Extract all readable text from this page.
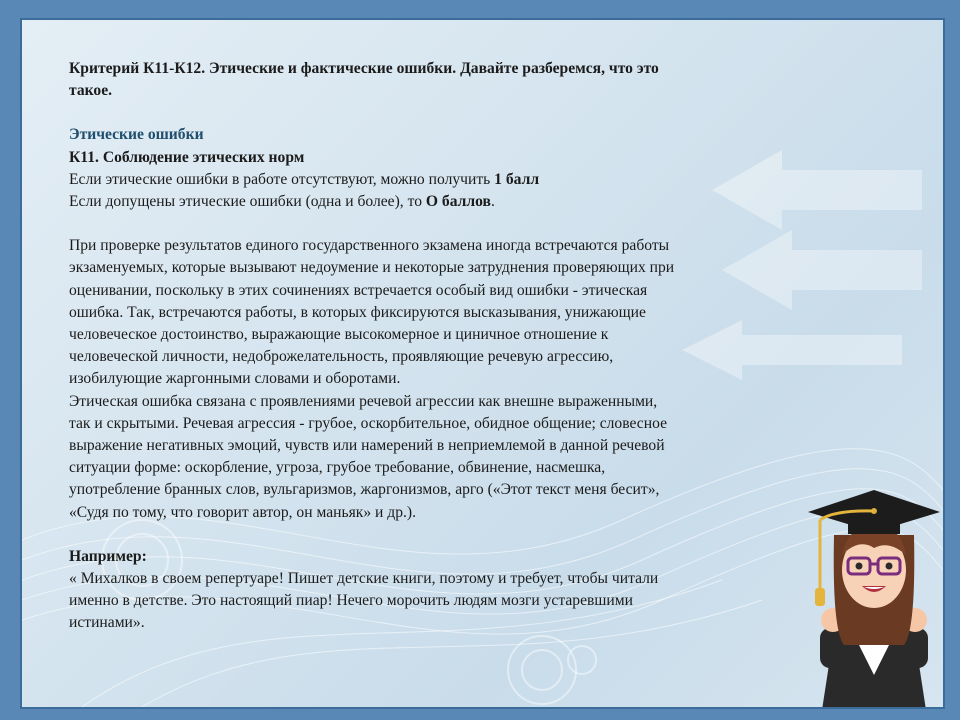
Критерий К11-К12. Этические и фактические ошибки. Давайте разберемся, что это

такое.

Этические ошибки

К11. Соблюдение этических норм

Если этические ошибки в работе отсутствуют, можно получить 1 балл

Если допущены этические ошибки (одна и более), то О баллов.

При проверке результатов единого государственного экзамена иногда встречаются работы

экзаменуемых, которые вызывают недоумение и некоторые затруднения проверяющих при

оценивании, поскольку в этих сочинениях встречается особый вид ошибки - этическая

ошибка. Так, встречаются работы, в которых фиксируются высказывания, унижающие

человеческое достоинство, выражающие высокомерное и циничное отношение к

человеческой личности, недоброжелательность, проявляющие речевую агрессию,

изобилующие жаргонными словами и оборотами.

Этическая ошибка связана с проявлениями речевой агрессии как внешне выраженными,

так и скрытыми. Речевая агрессия - грубое, оскорбительное, обидное общение; словесное

выражение негативных эмоций, чувств или намерений в неприемлемой в данной речевой

ситуации форме: оскорбление, угроза, грубое требование, обвинение, насмешка,

употребление бранных слов, вульгаризмов, жаргонизмов, арго («Этот текст меня бесит»,

«Судя по тому, что говорит автор, он маньяк» и др.).

Например:

« Михалков в своем репертуаре! Пишет детские книги, поэтому и требует, чтобы читали

именно в детстве. Это настоящий пиар! Нечего морочить людям мозги устаревшими

истинами».
